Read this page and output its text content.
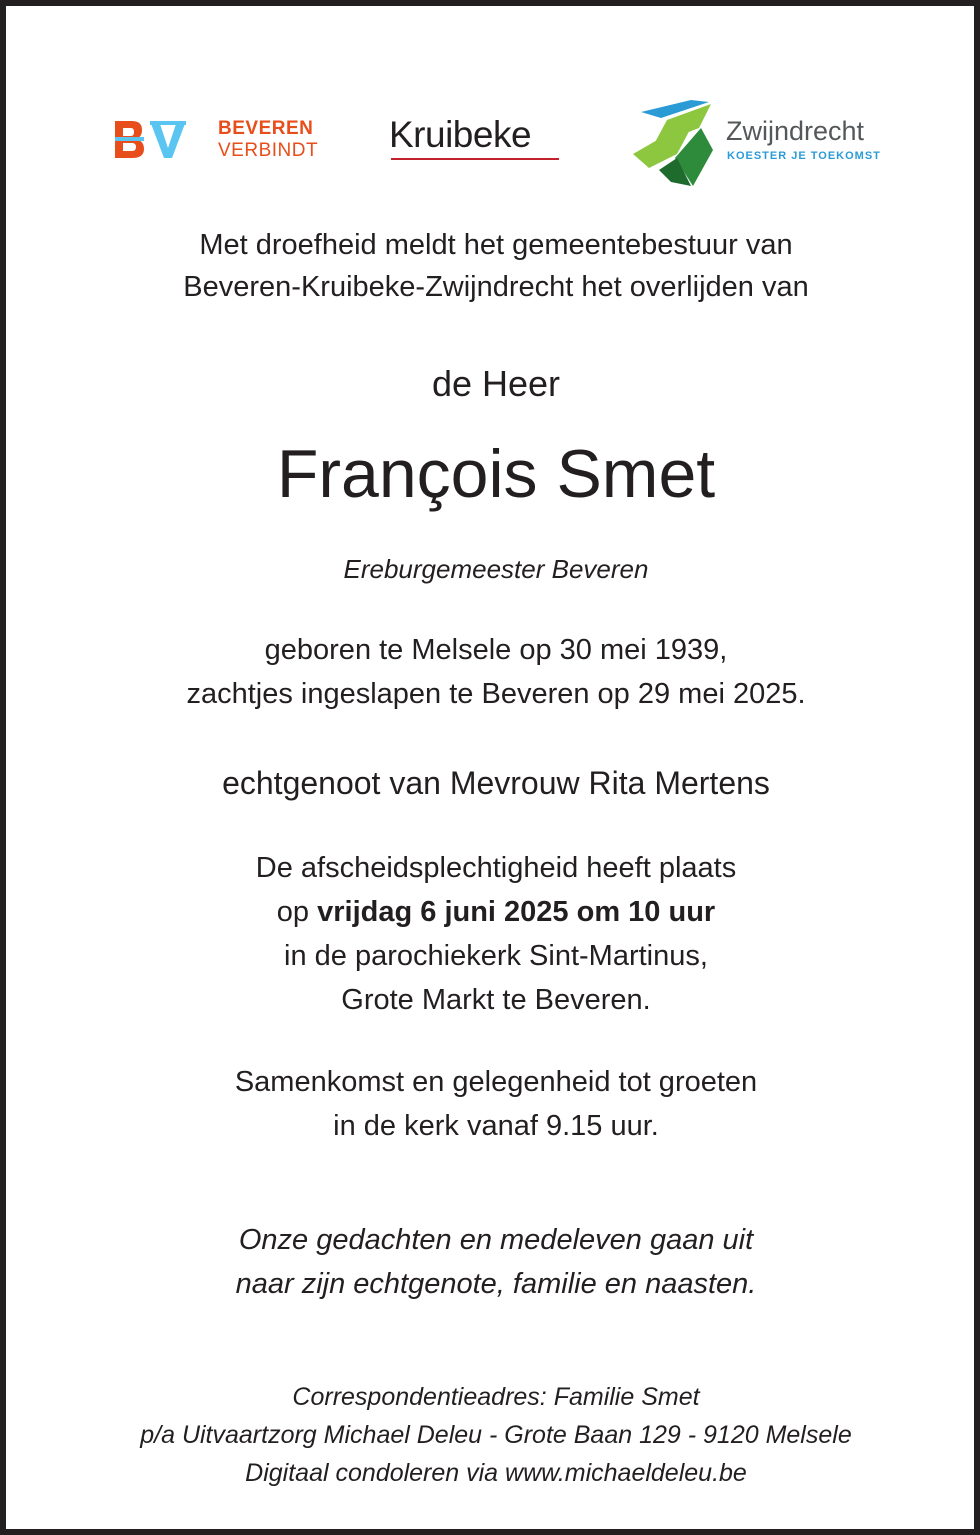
BEVEREN
VERBINDT Kruibeke	Zwijndrecht
KOESTER JE TOEKOMST
Met droefheid meldt het gemeentebestuur van
Beveren-Kruibeke-Zwijndrecht het overlijden van
de Heer
François Smet
Ereburgemeester Beveren
geboren te Melsele op 30 mei 1939,
zachtjes ingeslapen te Beveren op 29 mei 2025.
echtgenoot van Mevrouw Rita Mertens
De afscheidsplechtigheid heeft plaats
op vrijdag 6 juni 2025 om 10 uur
in de parochiekerk Sint-Martinus,
Grote Markt te Beveren.
Samenkomst en gelegenheid tot groeten
in de kerk vanaf 9.15 uur.
Onze gedachten en medeleven gaan uit
naar zijn echtgenote, familie en naasten.
Correspondentieadres: Familie Smet
p/a Uitvaartzorg Michael Deleu - Grote Baan 129 - 9120 Melsele
Digitaal condoleren via www.michaeldeleu.be
